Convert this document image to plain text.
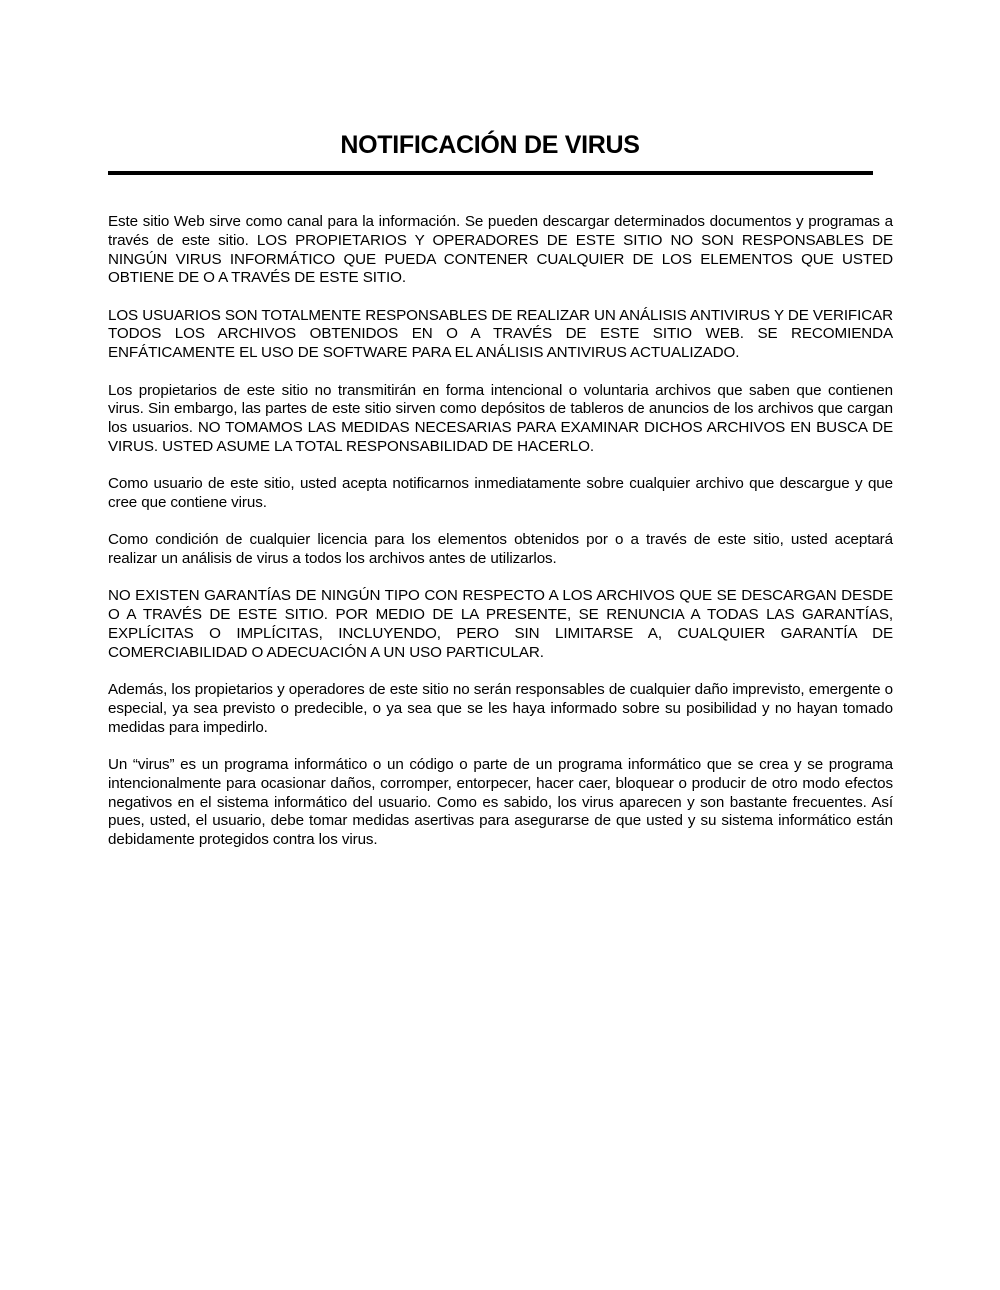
NOTIFICACIÓN DE VIRUS

Este sitio Web sirve como canal para la información. Se pueden descargar determinados documentos y programas a través de este sitio. LOS PROPIETARIOS Y OPERADORES DE ESTE SITIO NO SON RESPONSABLES DE NINGÚN VIRUS INFORMÁTICO QUE PUEDA CONTENER CUALQUIER DE LOS ELEMENTOS QUE USTED OBTIENE DE O A TRAVÉS DE ESTE SITIO.

LOS USUARIOS SON TOTALMENTE RESPONSABLES DE REALIZAR UN ANÁLISIS ANTIVIRUS Y DE VERIFICAR TODOS LOS ARCHIVOS OBTENIDOS EN O A TRAVÉS DE ESTE SITIO WEB. SE RECOMIENDA ENFÁTICAMENTE EL USO DE SOFTWARE PARA EL ANÁLISIS ANTIVIRUS ACTUALIZADO.

Los propietarios de este sitio no transmitirán en forma intencional o voluntaria archivos que saben que contienen virus. Sin embargo, las partes de este sitio sirven como depósitos de tableros de anuncios de los archivos que cargan los usuarios. NO TOMAMOS LAS MEDIDAS NECESARIAS PARA EXAMINAR DICHOS ARCHIVOS EN BUSCA DE VIRUS. USTED ASUME LA TOTAL RESPONSABILIDAD DE HACERLO.

Como usuario de este sitio, usted acepta notificarnos inmediatamente sobre cualquier archivo que descargue y que cree que contiene virus.

Como condición de cualquier licencia para los elementos obtenidos por o a través de este sitio, usted aceptará realizar un análisis de virus a todos los archivos antes de utilizarlos.

NO EXISTEN GARANTÍAS DE NINGÚN TIPO CON RESPECTO A LOS ARCHIVOS QUE SE DESCARGAN DESDE O A TRAVÉS DE ESTE SITIO. POR MEDIO DE LA PRESENTE, SE RENUNCIA A TODAS LAS GARANTÍAS, EXPLÍCITAS O IMPLÍCITAS, INCLUYENDO, PERO SIN LIMITARSE A, CUALQUIER GARANTÍA DE COMERCIABILIDAD O ADECUACIÓN A UN USO PARTICULAR.

Además, los propietarios y operadores de este sitio no serán responsables de cualquier daño imprevisto, emergente o especial, ya sea previsto o predecible, o ya sea que se les haya informado sobre su posibilidad y no hayan tomado medidas para impedirlo.

Un “virus” es un programa informático o un código o parte de un programa informático que se crea y se programa intencionalmente para ocasionar daños, corromper, entorpecer, hacer caer, bloquear o producir de otro modo efectos negativos en el sistema informático del usuario. Como es sabido, los virus aparecen y son bastante frecuentes. Así pues, usted, el usuario, debe tomar medidas asertivas para asegurarse de que usted y su sistema informático están debidamente protegidos contra los virus.
